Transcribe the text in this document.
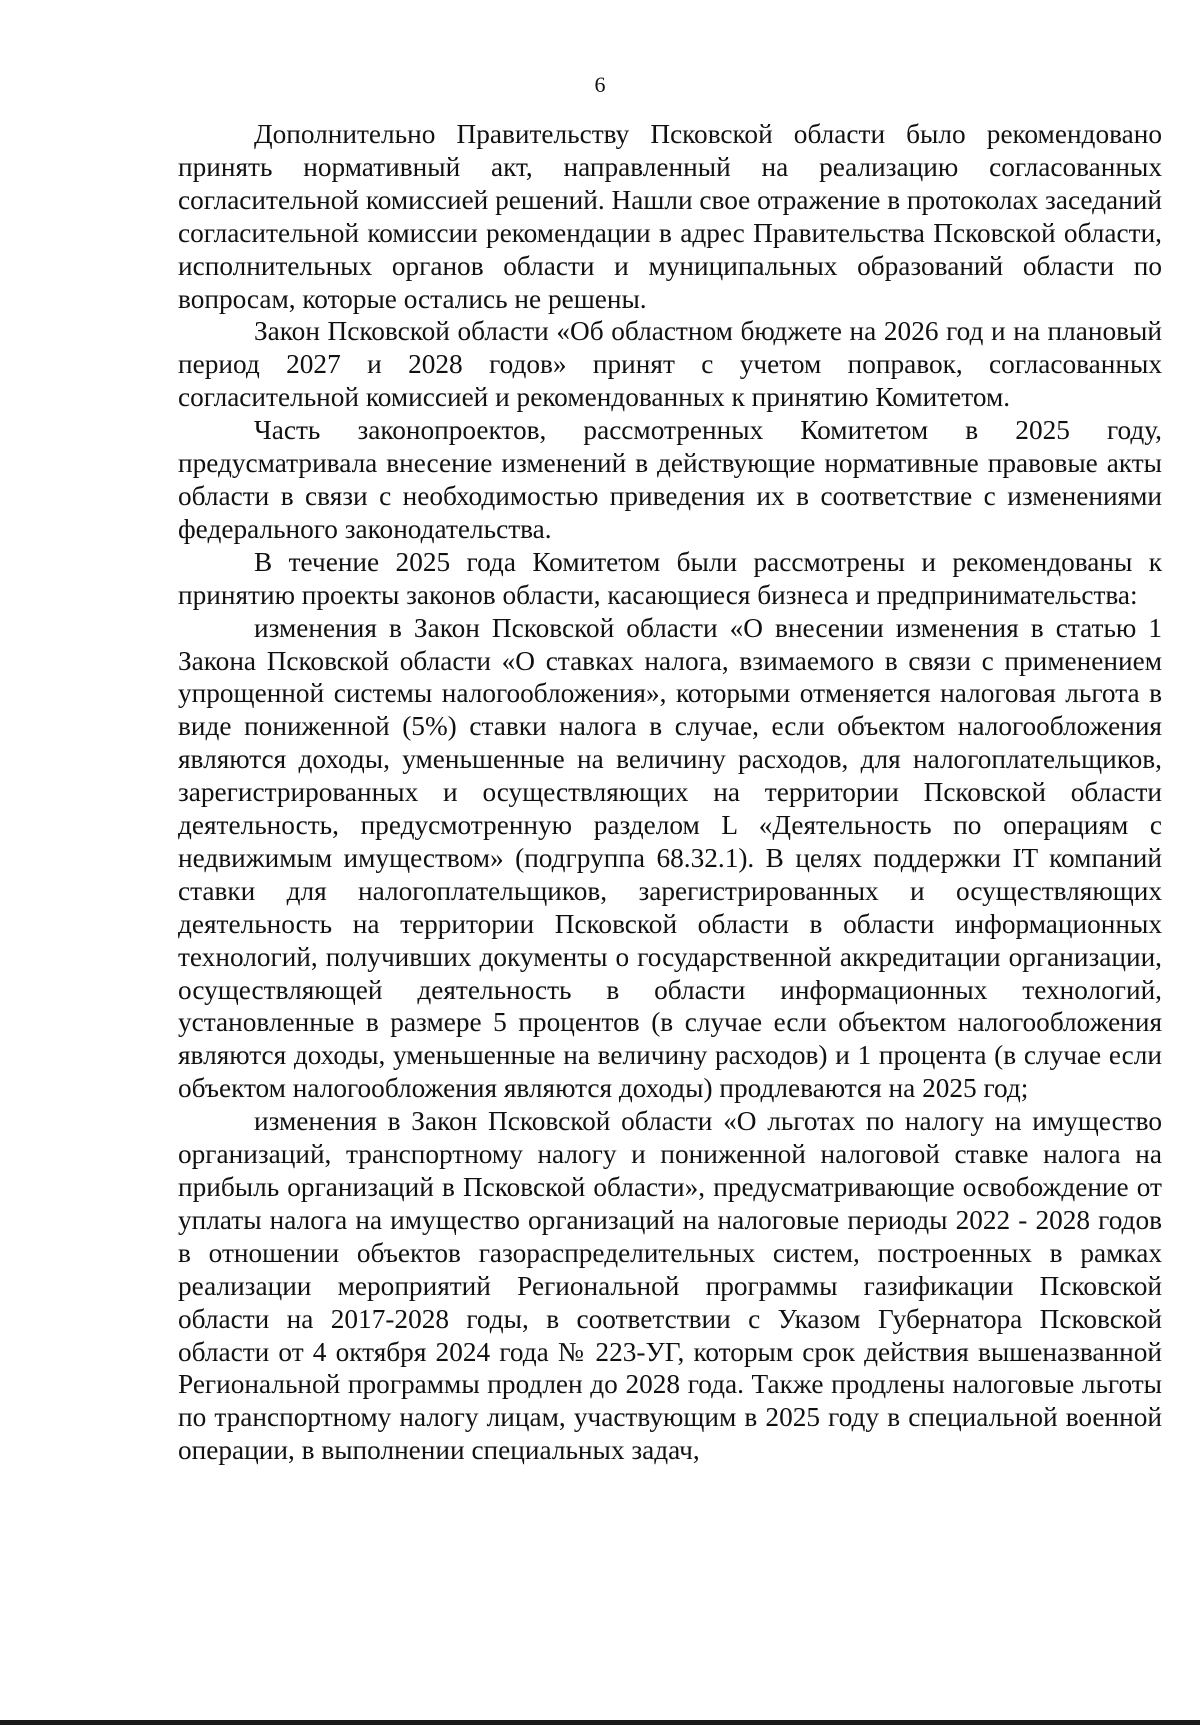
6

Дополнительно Правительству Псковской области было рекомендовано принять нормативный акт, направленный на реализацию согласованных согласительной комиссией решений. Нашли свое отражение в протоколах заседаний согласительной комиссии рекомендации в адрес Правительства Псковской области, исполнительных органов области и муниципальных образований области по вопросам, которые остались не решены.

Закон Псковской области «Об областном бюджете на 2026 год и на плановый период 2027 и 2028 годов» принят с учетом поправок, согласованных согласительной комиссией и рекомендованных к принятию Комитетом.

Часть законопроектов, рассмотренных Комитетом в 2025 году, предусматривала внесение изменений в действующие нормативные правовые акты области в связи с необходимостью приведения их в соответствие с изменениями федерального законодательства.

В течение 2025 года Комитетом были рассмотрены и рекомендованы к принятию проекты законов области, касающиеся бизнеса и предпринимательства:

изменения в Закон Псковской области «О внесении изменения в статью 1 Закона Псковской области «О ставках налога, взимаемого в связи с применением упрощенной системы налогообложения», которыми отменяется налоговая льгота в виде пониженной (5%) ставки налога в случае, если объектом налогообложения являются доходы, уменьшенные на величину расходов, для налогоплательщиков, зарегистрированных и осуществляющих на территории Псковской области деятельность, предусмотренную разделом L «Деятельность по операциям с недвижимым имуществом» (подгруппа 68.32.1). В целях поддержки IT компаний ставки для налогоплательщиков, зарегистрированных и осуществляющих деятельность на территории Псковской области в области информационных технологий, получивших документы о государственной аккредитации организации, осуществляющей деятельность в области информационных технологий, установленные в размере 5 процентов (в случае если объектом налогообложения являются доходы, уменьшенные на величину расходов) и 1 процента (в случае если объектом налогообложения являются доходы) продлеваются на 2025 год;

изменения в Закон Псковской области «О льготах по налогу на имущество организаций, транспортному налогу и пониженной налоговой ставке налога на прибыль организаций в Псковской области», предусматривающие освобождение от уплаты налога на имущество организаций на налоговые периоды 2022 - 2028 годов в отношении объектов газораспределительных систем, построенных в рамках реализации мероприятий Региональной программы газификации Псковской области на 2017-2028 годы, в соответствии с Указом Губернатора Псковской области от 4 октября 2024 года № 223-УГ, которым срок действия вышеназванной Региональной программы продлен до 2028 года. Также продлены налоговые льготы по транспортному налогу лицам, участвующим в 2025 году в специальной военной операции, в выполнении специальных задач,
